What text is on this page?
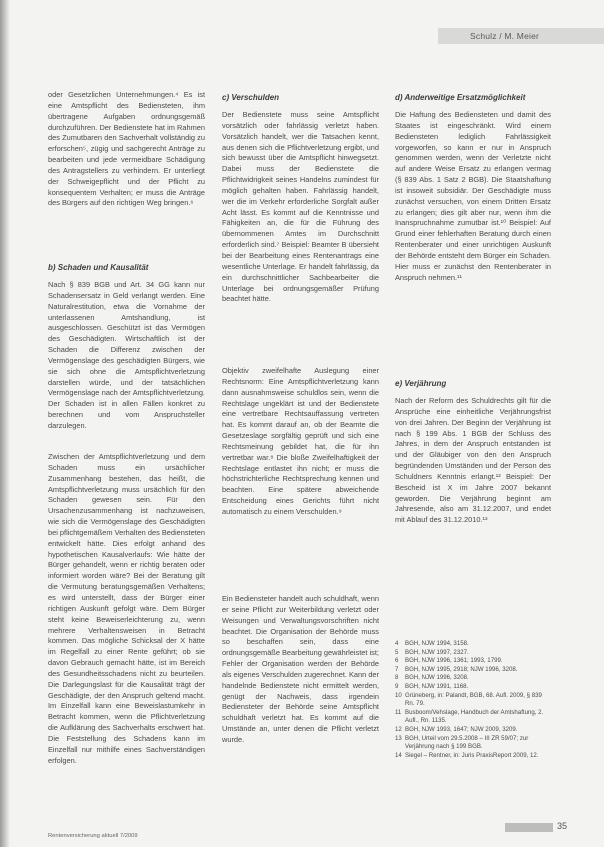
Schulz / M. Meier
oder Gesetzlichen Unternehmungen.⁴ Es ist eine Amtspflicht des Bediensteten, ihm übertragene Aufgaben ordnungsgemäß durchzuführen. Der Bedienstete hat im Rahmen des Zumutbaren den Sachverhalt vollständig zu erforschen⁵, zügig und sachgerecht Anträge zu bearbeiten und jede vermeidbare Schädigung des Antragstellers zu verhindern. Er unterliegt der Schweigepflicht und der Pflicht zu konsequentem Verhalten; er muss die Anträge des Bürgers auf den richtigen Weg bringen.⁶
b) Schaden und Kausalität
Nach § 839 BGB und Art. 34 GG kann nur Schadensersatz in Geld verlangt werden. Eine Naturalrestitution, etwa die Vornahme der unterlassenen Amtshandlung, ist ausgeschlossen. Geschützt ist das Vermögen des Geschädigten. Wirtschaftlich ist der Schaden die Differenz zwischen der Vermögenslage des geschädigten Bürgers, wie sie sich ohne die Amtspflichtverletzung darstellen würde, und der tatsächlichen Vermögenslage nach der Amtspflichtverletzung. Der Schaden ist in allen Fällen konkret zu berechnen und vom Anspruchsteller darzulegen.
Zwischen der Amtspflichtverletzung und dem Schaden muss ein ursächlicher Zusammenhang bestehen, das heißt, die Amtspflichtverletzung muss ursächlich für den Schaden gewesen sein. Für den Ursachenzusammenhang ist nachzuweisen, wie sich die Vermögenslage des Geschädigten bei pflichtgemäßem Verhalten des Bediensteten entwickelt hätte. Dies erfolgt anhand des hypothetischen Kausalverlaufs: Wie hätte der Bürger gehandelt, wenn er richtig beraten oder informiert worden wäre? Bei der Beratung gilt die Vermutung beratungsgemäßen Verhaltens; es wird unterstellt, dass der Bürger einer richtigen Auskunft gefolgt wäre. Dem Bürger steht keine Beweiserleichterung zu, wenn mehrere Verhaltensweisen in Betracht kommen. Das mögliche Schicksal der X hätte im Regelfall zu einer Rente geführt; ob sie davon Gebrauch gemacht hätte, ist im Bereich des Gesundheitsschadens nicht zu beurteilen. Die Darlegungslast für die Kausalität trägt der Geschädigte, der den Anspruch geltend macht. Im Einzelfall kann eine Beweislastumkehr in Betracht kommen, wenn die Pflichtverletzung die Aufklärung des Sachverhalts erschwert hat. Die Feststellung des Schadens kann im Einzelfall nur mithilfe eines Sachverständigen erfolgen.
c) Verschulden
Der Bedienstete muss seine Amtspflicht vorsätzlich oder fahrlässig verletzt haben. Vorsätzlich handelt, wer die Tatsachen kennt, aus denen sich die Pflichtverletzung ergibt, und sich bewusst über die Amtspflicht hinwegsetzt. Dabei muss der Bedienstete die Pflichtwidrigkeit seines Handelns zumindest für möglich gehalten haben. Fahrlässig handelt, wer die im Verkehr erforderliche Sorgfalt außer Acht lässt. Es kommt auf die Kenntnisse und Fähigkeiten an, die für die Führung des übernommenen Amtes im Durchschnitt erforderlich sind.⁷ Beispiel: Beamter B übersieht bei der Bearbeitung eines Rentenantrags eine wesentliche Unterlage. Er handelt fahrlässig, da ein durchschnittlicher Sachbearbeiter die Unterlage bei ordnungsgemäßer Prüfung beachtet hätte.
Objektiv zweifelhafte Auslegung einer Rechtsnorm: Eine Amtspflichtverletzung kann dann ausnahmsweise schuldlos sein, wenn die Rechtslage ungeklärt ist und der Bedienstete eine vertretbare Rechtsauffassung vertreten hat. Es kommt darauf an, ob der Beamte die Gesetzeslage sorgfältig geprüft und sich eine Rechtsmeinung gebildet hat, die für ihn vertretbar war.⁸ Die bloße Zweifelhaftigkeit der Rechtslage entlastet ihn nicht; er muss die höchstrichterliche Rechtsprechung kennen und beachten. Eine spätere abweichende Entscheidung eines Gerichts führt nicht automatisch zu einem Verschulden.⁹
Ein Bediensteter handelt auch schuldhaft, wenn er seine Pflicht zur Weiterbildung verletzt oder Weisungen und Verwaltungsvorschriften nicht beachtet. Die Organisation der Behörde muss so beschaffen sein, dass eine ordnungsgemäße Bearbeitung gewährleistet ist; Fehler der Organisation werden der Behörde als eigenes Verschulden zugerechnet. Kann der handelnde Bedienstete nicht ermittelt werden, genügt der Nachweis, dass irgendein Bediensteter der Behörde seine Amtspflicht schuldhaft verletzt hat. Es kommt auf die Umstände an, unter denen die Pflicht verletzt wurde.
d) Anderweitige Ersatzmöglichkeit
Die Haftung des Bediensteten und damit des Staates ist eingeschränkt. Wird einem Bediensteten lediglich Fahrlässigkeit vorgeworfen, so kann er nur in Anspruch genommen werden, wenn der Verletzte nicht auf andere Weise Ersatz zu erlangen vermag (§ 839 Abs. 1 Satz 2 BGB). Die Staatshaftung ist insoweit subsidiär. Der Geschädigte muss zunächst versuchen, von einem Dritten Ersatz zu erlangen; dies gilt aber nur, wenn ihm die Inanspruchnahme zumutbar ist.¹⁰ Beispiel: Auf Grund einer fehlerhaften Beratung durch einen Rentenberater und einer unrichtigen Auskunft der Behörde entsteht dem Bürger ein Schaden. Hier muss er zunächst den Rentenberater in Anspruch nehmen.¹¹
e) Verjährung
Nach der Reform des Schuldrechts gilt für die Ansprüche eine einheitliche Verjährungsfrist von drei Jahren. Der Beginn der Verjährung ist nach § 199 Abs. 1 BGB der Schluss des Jahres, in dem der Anspruch entstanden ist und der Gläubiger von den den Anspruch begründenden Umständen und der Person des Schuldners Kenntnis erlangt.¹² Beispiel: Der Bescheid ist X im Jahre 2007 bekannt geworden. Die Verjährung beginnt am Jahresende, also am 31.12.2007, und endet mit Ablauf des 31.12.2010.¹³
4	BGH, NJW 1994, 3158.
5	BGH, NJW 1997, 2327.
6	BGH, NJW 1996, 1361; 1993, 1799.
7	BGH, NJW 1995, 2918; NJW 1996, 3208.
8	BGH, NJW 1996, 3208.
9	BGH, NJW 1991, 1168.
10 Grüneberg, in: Palandt, BGB, 68. Aufl. 2009, § 839 Rn. 79.
11 Busboom/Vehslage, Handbuch der Amtshaftung, 2. Aufl., Rn. 1135.
12 BGH, NJW 1993, 1647; NJW 2009, 3209.
13 BGH, Urteil vom 29.5.2008 – III ZR 59/07; zur Verjährung nach § 199 BGB.
14 Siegel – Rentner, in: Juris PraxisReport 2009, 12.
Rentenversicherung aktuell 7/2009
35
